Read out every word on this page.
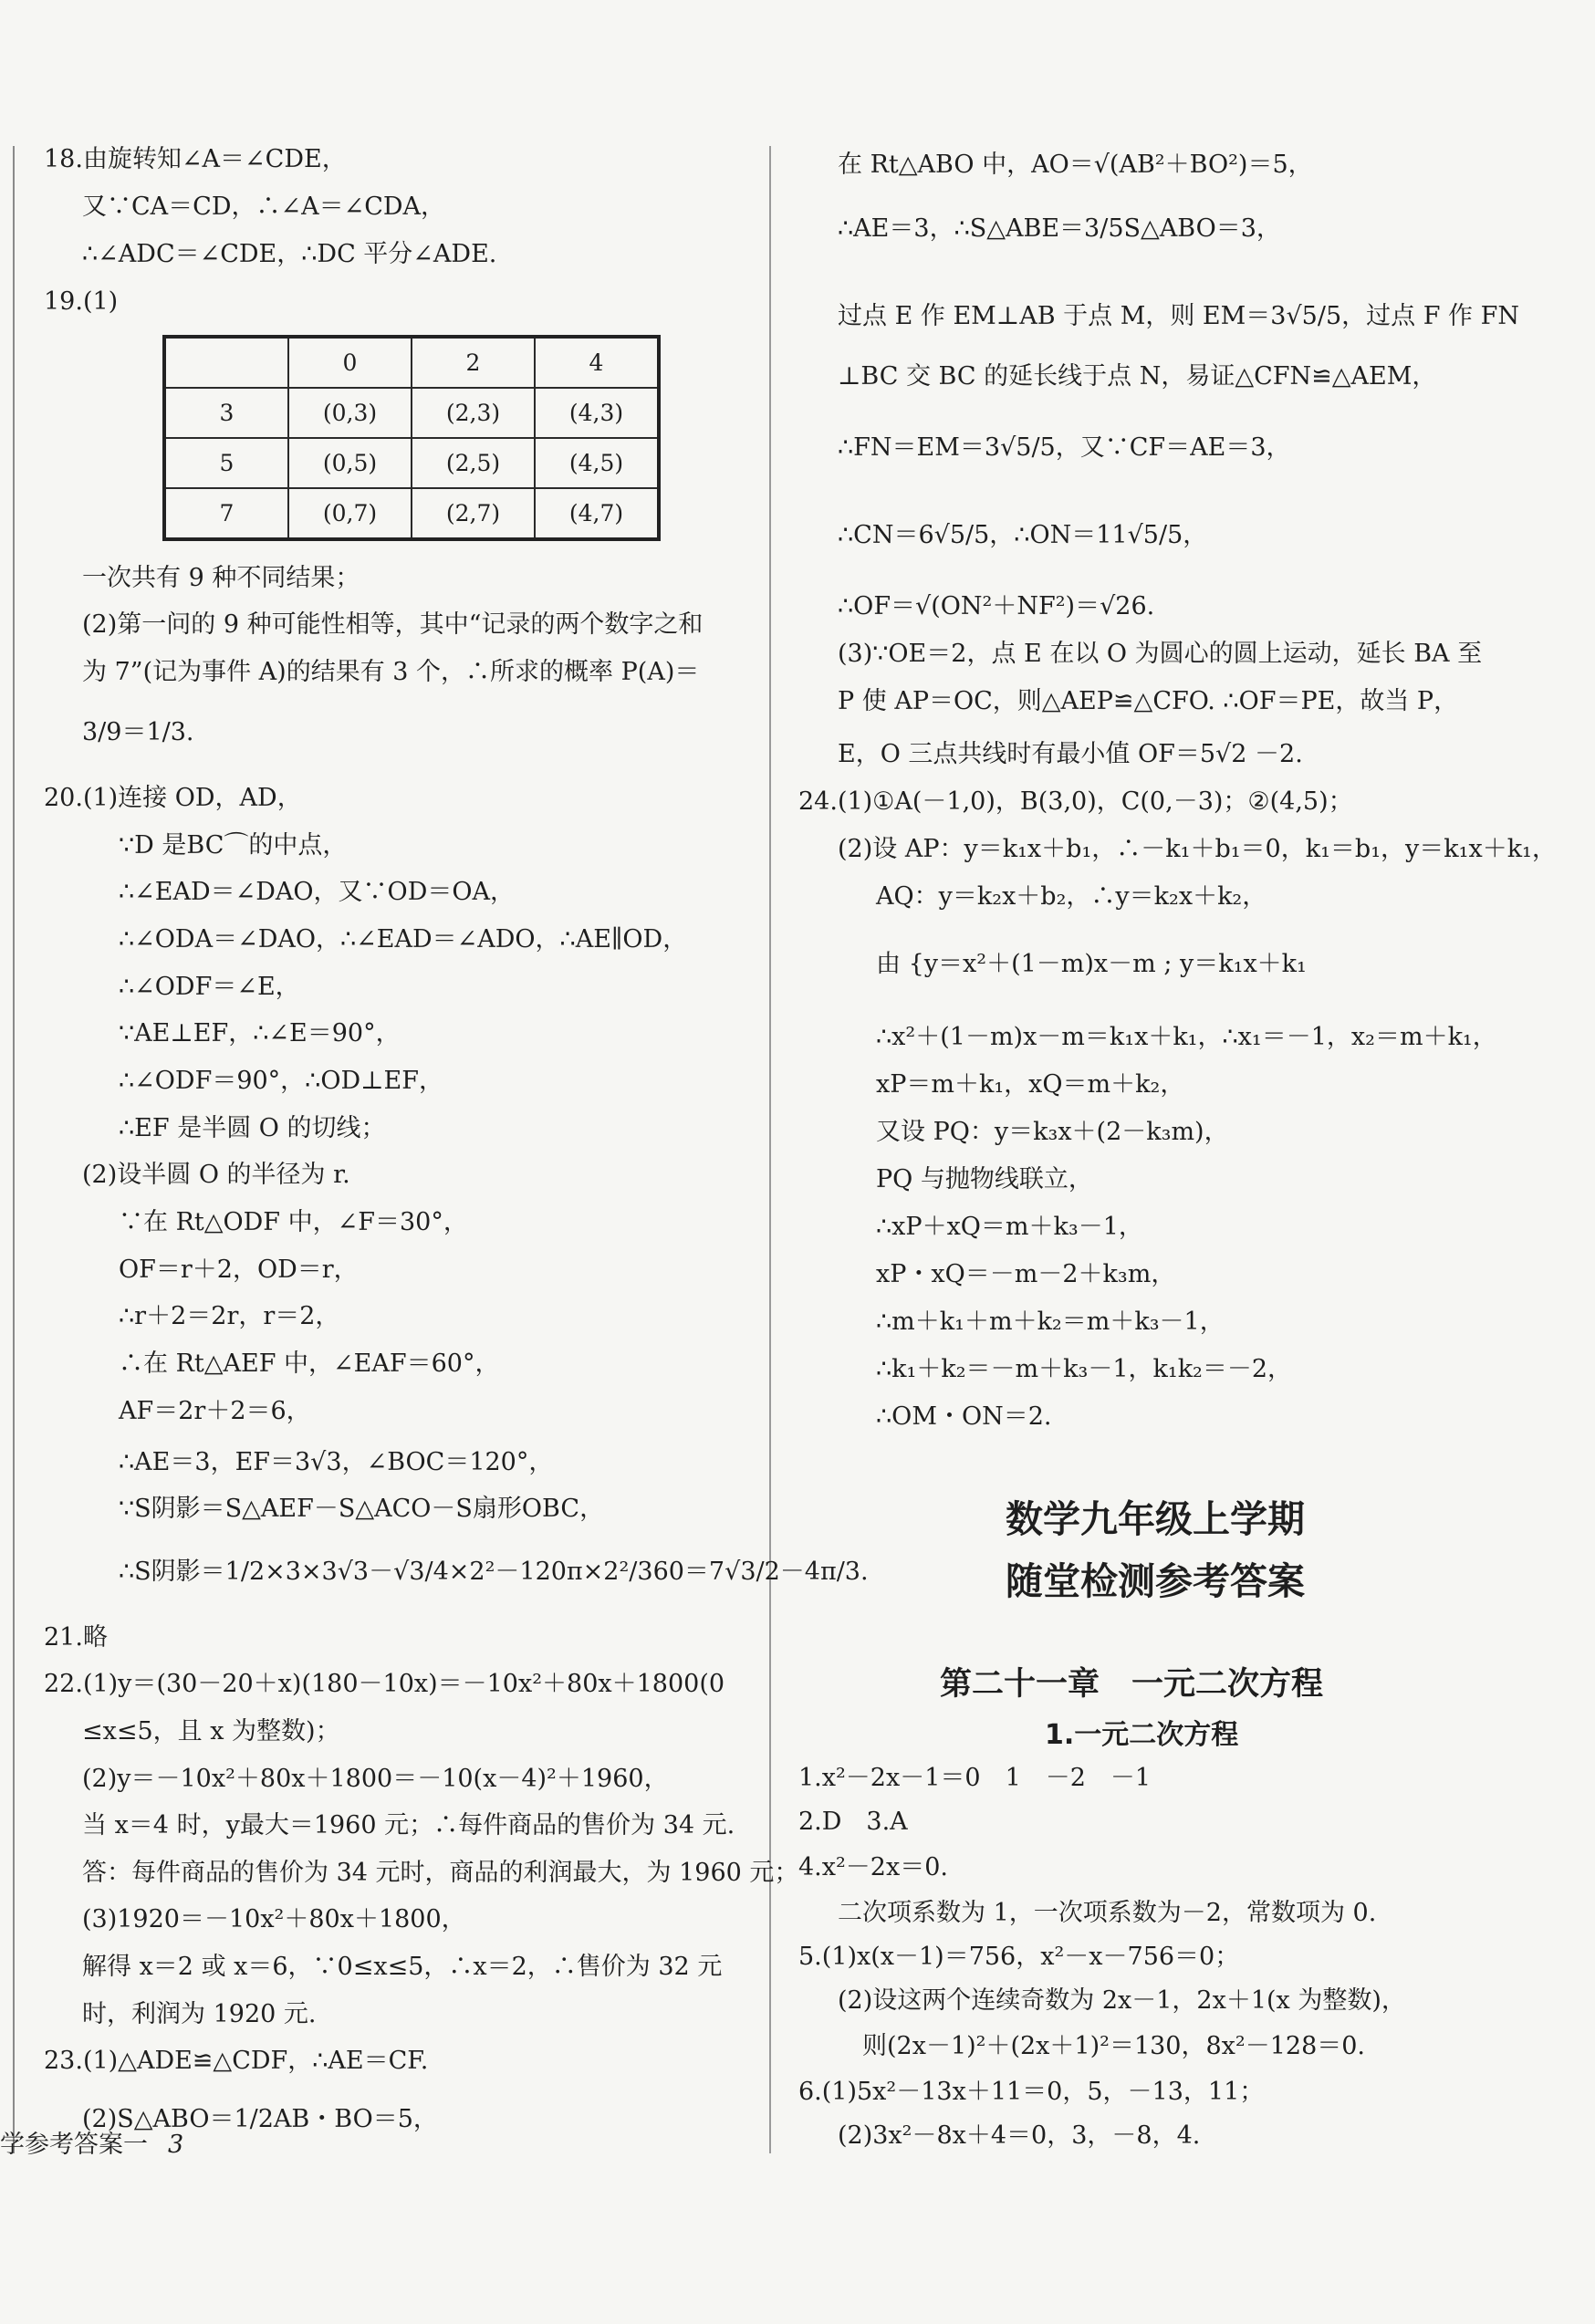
18.由旋转知∠A＝∠CDE，
又∵CA＝CD，∴∠A＝∠CDA，
∴∠ADC＝∠CDE，∴DC 平分∠ADE.
19.(1)
	0	2	4
3	(0,3)	(2,3)	(4,3)
5	(0,5)	(2,5)	(4,5)
7	(0,7)	(2,7)	(4,7)
一次共有 9 种不同结果；
(2)第一问的 9 种可能性相等，其中“记录的两个数字之和
为 7”(记为事件 A)的结果有 3 个，∴所求的概率 P(A)＝
3/9＝1/3.
20.(1)连接 OD，AD，
∵D 是BC⌒的中点，
∴∠EAD＝∠DAO，又∵OD＝OA，
∴∠ODA＝∠DAO，∴∠EAD＝∠ADO，∴AE∥OD，
∴∠ODF＝∠E，
∵AE⊥EF，∴∠E＝90°，
∴∠ODF＝90°，∴OD⊥EF，
∴EF 是半圆 O 的切线；
(2)设半圆 O 的半径为 r.
∵在 Rt△ODF 中，∠F＝30°，
OF＝r＋2，OD＝r，
∴r＋2＝2r，r＝2，
∴在 Rt△AEF 中，∠EAF＝60°，
AF＝2r＋2＝6，
∴AE＝3，EF＝3√3，∠BOC＝120°，
∵S阴影＝S△AEF－S△ACO－S扇形OBC，
∴S阴影＝1/2×3×3√3－√3/4×2²－120π×2²/360＝7√3/2－4π/3.
21.略
22.(1)y＝(30－20＋x)(180－10x)＝－10x²＋80x＋1800(0
≤x≤5，且 x 为整数)；
(2)y＝－10x²＋80x＋1800＝－10(x－4)²＋1960，
当 x＝4 时，y最大＝1960 元；∴每件商品的售价为 34 元.
答：每件商品的售价为 34 元时，商品的利润最大，为 1960 元；
(3)1920＝－10x²＋80x＋1800，
解得 x＝2 或 x＝6，∵0≤x≤5，∴x＝2，∴售价为 32 元
时，利润为 1920 元.
23.(1)△ADE≌△CDF，∴AE＝CF.
(2)S△ABO＝1/2AB・BO＝5，
在 Rt△ABO 中，AO＝√(AB²＋BO²)＝5，
∴AE＝3，∴S△ABE＝3/5S△ABO＝3，
过点 E 作 EM⊥AB 于点 M，则 EM＝3√5/5，过点 F 作 FN
⊥BC 交 BC 的延长线于点 N，易证△CFN≌△AEM，
∴FN＝EM＝3√5/5，又∵CF＝AE＝3，
∴CN＝6√5/5，∴ON＝11√5/5，
∴OF＝√(ON²＋NF²)＝√26.
(3)∵OE＝2，点 E 在以 O 为圆心的圆上运动，延长 BA 至
P 使 AP＝OC，则△AEP≌△CFO. ∴OF＝PE，故当 P，
E，O 三点共线时有最小值 OF＝5√2 －2.
24.(1)①A(－1,0)，B(3,0)，C(0,－3)；②(4,5)；
(2)设 AP：y＝k₁x＋b₁，∴－k₁＋b₁＝0，k₁＝b₁，y＝k₁x＋k₁，
AQ：y＝k₂x＋b₂，∴y＝k₂x＋k₂，
由 {y＝x²＋(1－m)x－m ; y＝k₁x＋k₁
∴x²＋(1－m)x－m＝k₁x＋k₁，∴x₁＝－1，x₂＝m＋k₁，
xP＝m＋k₁，xQ＝m＋k₂，
又设 PQ：y＝k₃x＋(2－k₃m)，
PQ 与抛物线联立，
∴xP＋xQ＝m＋k₃－1，
xP・xQ＝－m－2＋k₃m，
∴m＋k₁＋m＋k₂＝m＋k₃－1，
∴k₁＋k₂＝－m＋k₃－1，k₁k₂＝－2，
∴OM・ON＝2.
数学九年级上学期
随堂检测参考答案
第二十一章　一元二次方程
1.一元二次方程
1.x²－2x－1＝0　1　－2　－1
2.D　3.A
4.x²－2x＝0.
二次项系数为 1，一次项系数为－2，常数项为 0.
5.(1)x(x－1)＝756，x²－x－756＝0；
(2)设这两个连续奇数为 2x－1，2x＋1(x 为整数)，
则(2x－1)²＋(2x＋1)²＝130，8x²－128＝0.
6.(1)5x²－13x＋11＝0，5，－13，11；
(2)3x²－8x＋4＝0，3，－8，4.
学参考答案一 3
